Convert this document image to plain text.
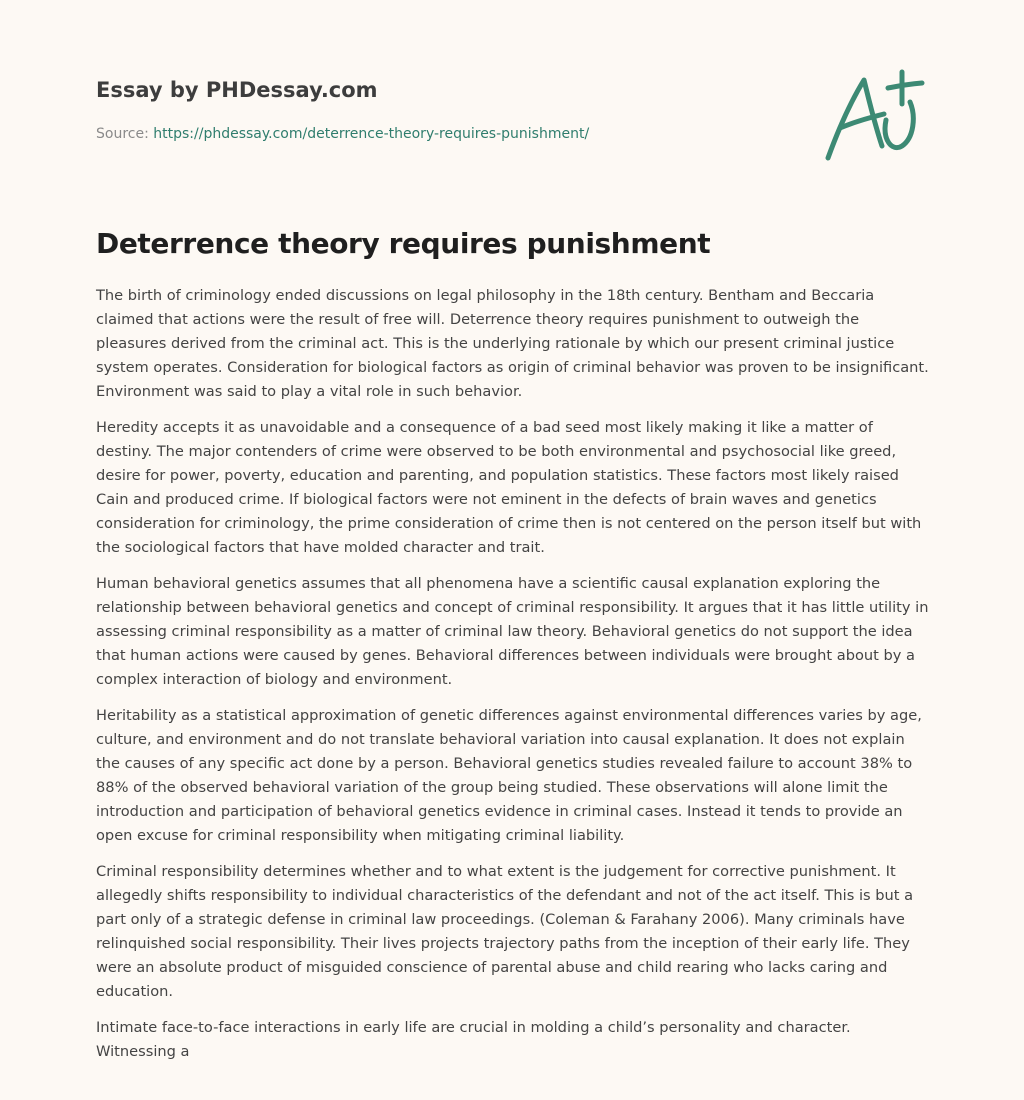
Essay by PHDessay.com
Source: https://phdessay.com/deterrence-theory-requires-punishment/
Deterrence theory requires punishment

The birth of criminology ended discussions on legal philosophy in the 18th century. Bentham and Beccaria claimed that actions were the result of free will. Deterrence theory requires punishment to outweigh the pleasures derived from the criminal act. This is the underlying rationale by which our present criminal justice system operates. Consideration for biological factors as origin of criminal behavior was proven to be insignificant. Environment was said to play a vital role in such behavior.

Heredity accepts it as unavoidable and a consequence of a bad seed most likely making it like a matter of destiny. The major contenders of crime were observed to be both environmental and psychosocial like greed, desire for power, poverty, education and parenting, and population statistics. These factors most likely raised Cain and produced crime. If biological factors were not eminent in the defects of brain waves and genetics consideration for criminology, the prime consideration of crime then is not centered on the person itself but with the sociological factors that have molded character and trait.

Human behavioral genetics assumes that all phenomena have a scientific causal explanation exploring the relationship between behavioral genetics and concept of criminal responsibility. It argues that it has little utility in assessing criminal responsibility as a matter of criminal law theory. Behavioral genetics do not support the idea that human actions were caused by genes. Behavioral differences between individuals were brought about by a complex interaction of biology and environment.

Heritability as a statistical approximation of genetic differences against environmental differences varies by age, culture, and environment and do not translate behavioral variation into causal explanation. It does not explain the causes of any specific act done by a person. Behavioral genetics studies revealed failure to account 38% to 88% of the observed behavioral variation of the group being studied. These observations will alone limit the introduction and participation of behavioral genetics evidence in criminal cases. Instead it tends to provide an open excuse for criminal responsibility when mitigating criminal liability.

Criminal responsibility determines whether and to what extent is the judgement for corrective punishment. It allegedly shifts responsibility to individual characteristics of the defendant and not of the act itself. This is but a part only of a strategic defense in criminal law proceedings. (Coleman & Farahany 2006). Many criminals have relinquished social responsibility. Their lives projects trajectory paths from the inception of their early life. They were an absolute product of misguided conscience of parental abuse and child rearing who lacks caring and education.

Intimate face-to-face interactions in early life are crucial in molding a child’s personality and character. Witnessing a
